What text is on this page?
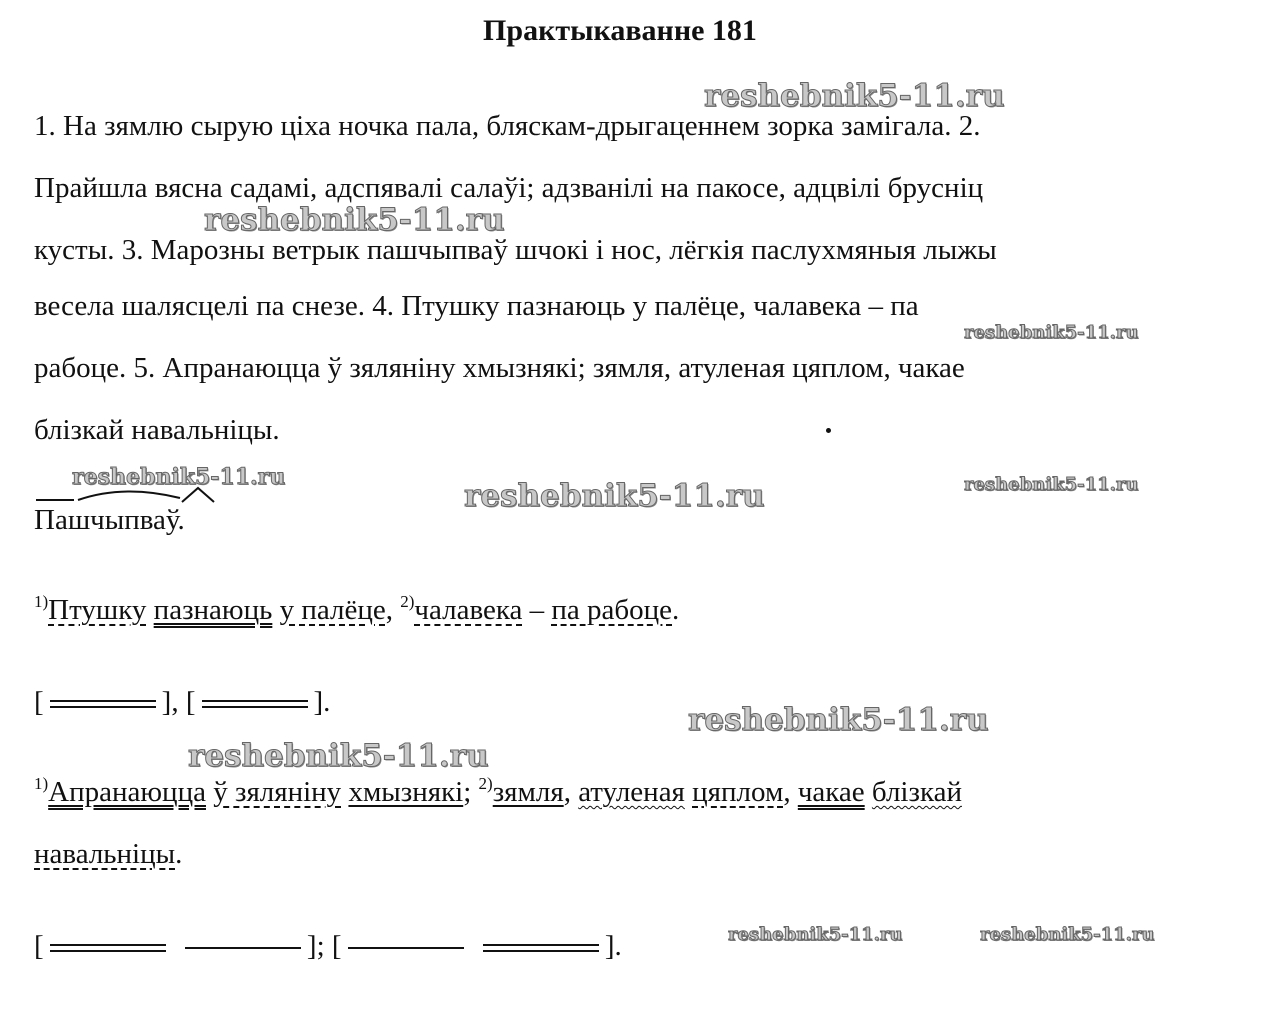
Практыкаванне 181
1. На зямлю сырую ціха ночка пала, бляскам-дрыгаценнем зорка замігала. 2.
Прайшла вясна садамі, адспявалі салаўі; адзванілі на пакосе, адцвілі брусніц
кусты. 3. Марозны ветрык пашчыпваў шчокі і нос, лёгкія паслухмяныя лыжы
весела шалясцелі па снезе. 4. Птушку пазнаюць у палёце, чалавека – па
рабоце. 5. Апранаюцца ў зяляніну хмызнякі; зямля, атуленая цяплом, чакае
блізкай навальніцы.
Пашчыпваў.
$^{1)}$Птушку пазнаюць у палёце, $^{2)}$чалавека – па рабоце.
[	], [	].
$^{1)}$Апранаюцца ў зяляніну хмызнякі; $^{2)}$зямля, атуленая цяплом, чакае блізкай
навальніцы.
[	]; [	].
reshebnik5-11.ru
reshebnik5-11.ru
reshebnik5-11.ru
reshebnik5-11.ru
reshebnik5-11.ru	reshebnik5-11.ru
reshebnik5-11.ru
reshebnik5-11.ru
reshebnik5-11.ru	reshebnik5-11.ru
